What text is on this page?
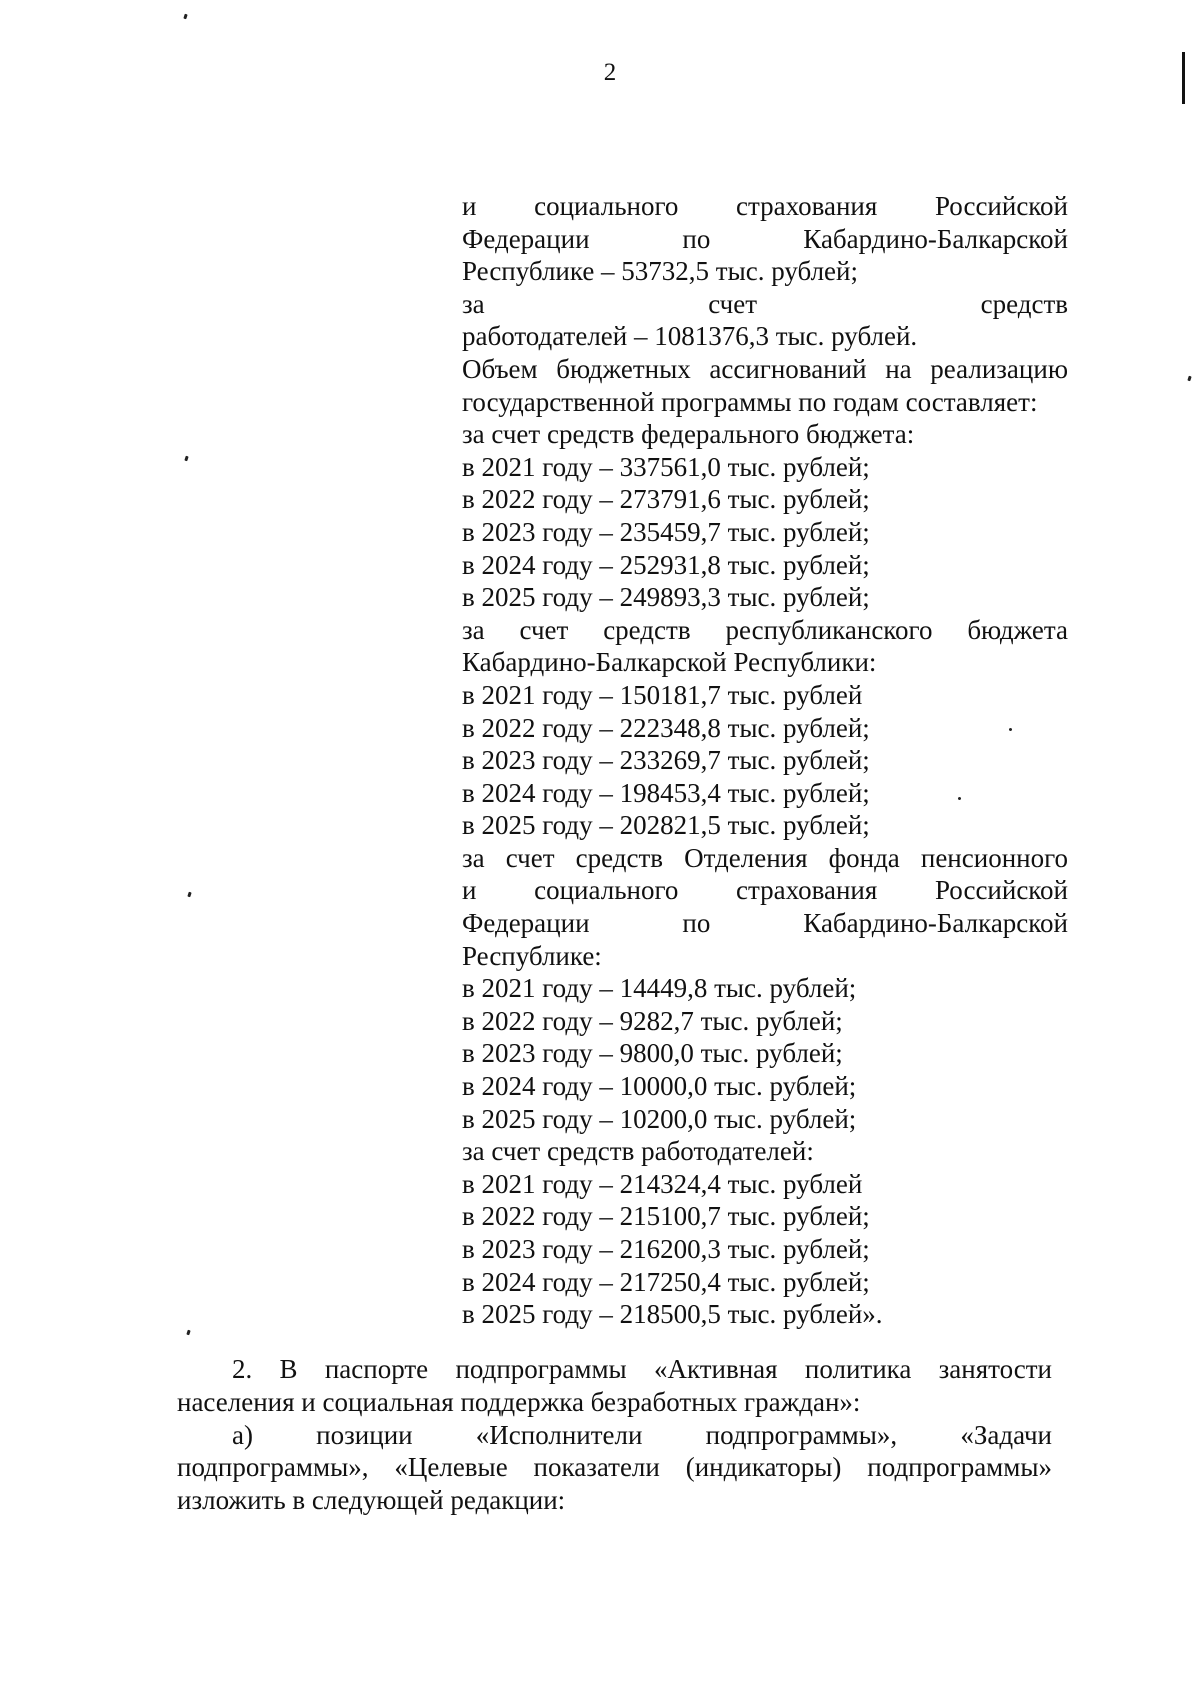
2
и социального страхования Российской
Федерации по Кабардино-Балкарской
Республике – 53732,5 тыс. рублей;
за счет средств
работодателей – 1081376,3 тыс. рублей.
Объем бюджетных ассигнований на реализацию
государственной программы по годам составляет:
за счет средств федерального бюджета:
в 2021 году – 337561,0 тыс. рублей;
в 2022 году – 273791,6 тыс. рублей;
в 2023 году – 235459,7 тыс. рублей;
в 2024 году – 252931,8 тыс. рублей;
в 2025 году – 249893,3 тыс. рублей;
за счет средств республиканского бюджета
Кабардино-Балкарской Республики:
в 2021 году – 150181,7 тыс. рублей
в 2022 году – 222348,8 тыс. рублей;
в 2023 году – 233269,7 тыс. рублей;
в 2024 году – 198453,4 тыс. рублей;
в 2025 году – 202821,5 тыс. рублей;
за счет средств Отделения фонда пенсионного
и социального страхования Российской
Федерации по Кабардино-Балкарской
Республике:
в 2021 году – 14449,8 тыс. рублей;
в 2022 году – 9282,7 тыс. рублей;
в 2023 году – 9800,0 тыс. рублей;
в 2024 году – 10000,0 тыс. рублей;
в 2025 году – 10200,0 тыс. рублей;
за счет средств работодателей:
в 2021 году – 214324,4 тыс. рублей
в 2022 году – 215100,7 тыс. рублей;
в 2023 году – 216200,3 тыс. рублей;
в 2024 году – 217250,4 тыс. рублей;
в 2025 году – 218500,5 тыс. рублей».
2. В паспорте подпрограммы «Активная политика занятости
населения и социальная поддержка безработных граждан»:
а) позиции «Исполнители подпрограммы», «Задачи
подпрограммы», «Целевые показатели (индикаторы) подпрограммы»
изложить в следующей редакции:
